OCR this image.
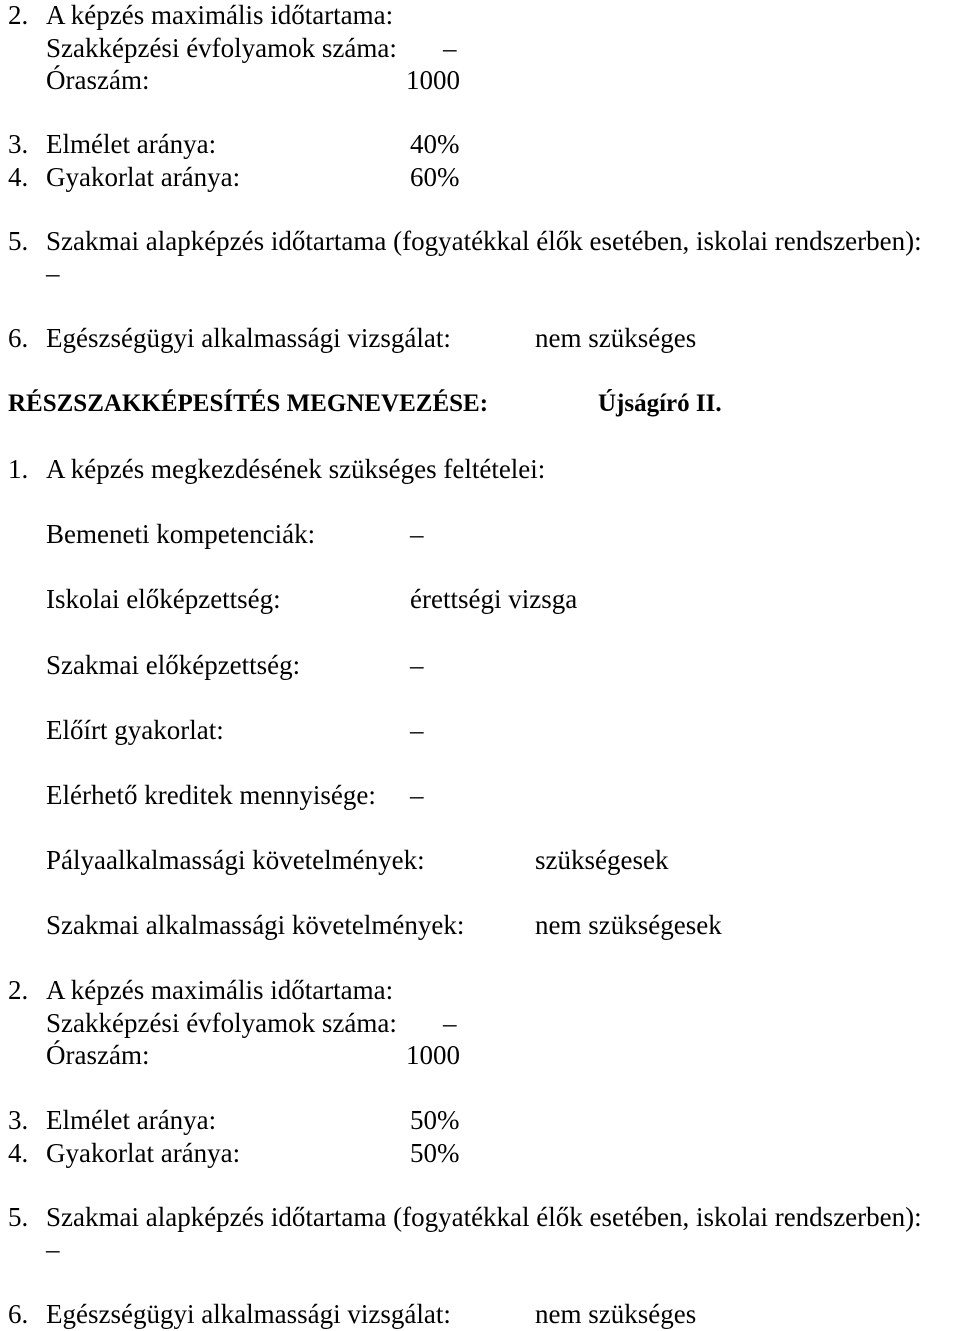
2. A képzés maximális időtartama:
Szakképzési évfolyamok száma: –
Óraszám:	1000
3. Elmélet aránya:	40%
4. Gyakorlat aránya:	60%
5. Szakmai alapképzés időtartama (fogyatékkal élők esetében, iskolai rendszerben):
–
6. Egészségügyi alkalmassági vizsgálat:	nem szükséges
RÉSZSZAKKÉPESÍTÉS MEGNEVEZÉSE:	Újságíró II.
1. A képzés megkezdésének szükséges feltételei:
Bemeneti kompetenciák:	–
Iskolai előképzettség:	érettségi vizsga
Szakmai előképzettség:	–
Előírt gyakorlat:	–
Elérhető kreditek mennyisége: –
Pályaalkalmassági követelmények:	szükségesek
Szakmai alkalmassági követelmények:	nem szükségesek
2. A képzés maximális időtartama:
Szakképzési évfolyamok száma: –
Óraszám:	1000
3. Elmélet aránya:	50%
4. Gyakorlat aránya:	50%
5. Szakmai alapképzés időtartama (fogyatékkal élők esetében, iskolai rendszerben):
–
6. Egészségügyi alkalmassági vizsgálat:	nem szükséges
